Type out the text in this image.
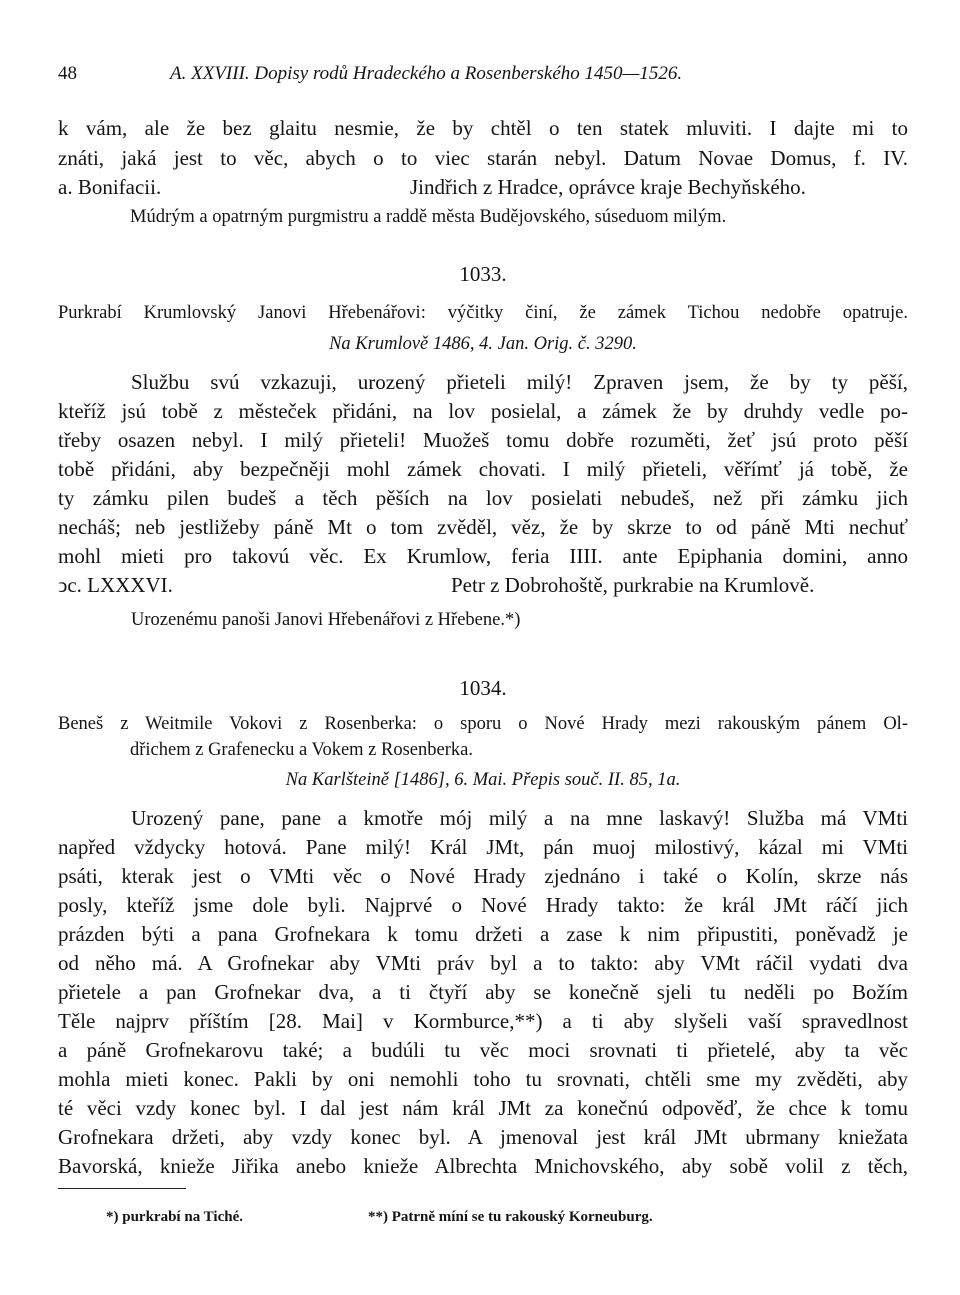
48	A. XXVIII. Dopisy rodů Hradeckého a Rosenberského 1450—1526.
k vám, ale že bez glaitu nesmie, že by chtěl o ten statek mluviti. I dajte mi to
znáti, jaká jest to věc, abych o to viec starán nebyl. Datum Novae Domus, f. IV.
a. Bonifacii.	Jindřich z Hradce, oprávce kraje Bechyňského.
Múdrým a opatrným purgmistru a raddě města Budějovského, súseduom milým.
1033.
Purkrabí Krumlovský Janovi Hřebenářovi: výčitky činí, že zámek Tichou nedobře opatruje.
Na Krumlově 1486, 4. Jan. Orig. č. 3290.
Službu svú vzkazuji, urozený přieteli milý! Zpraven jsem, že by ty pěší,
kteříž jsú tobě z městeček přidáni, na lov posielal, a zámek že by druhdy vedle po-
třeby osazen nebyl. I milý přieteli! Muožeš tomu dobře rozuměti, žeť jsú proto pěší
tobě přidáni, aby bezpečněji mohl zámek chovati. I milý přieteli, věřímť já tobě, že
ty zámku pilen budeš a těch pěších na lov posielati nebudeš, než při zámku jich
necháš; neb jestližeby páně Mt o tom zvěděl, věz, že by skrze to od páně Mti nechuť
mohl mieti pro takovú věc. Ex Krumlow, feria IIII. ante Epiphania domini, anno
ↄc. LXXXVI.	Petr z Dobrohoště, purkrabie na Krumlově.
Urozenému panoši Janovi Hřebenářovi z Hřebene.*)
1034.
Beneš z Weitmile Vokovi z Rosenberka: o sporu o Nové Hrady mezi rakouským pánem Ol-
dřichem z Grafenecku a Vokem z Rosenberka.
Na Karlšteině [1486], 6. Mai. Přepis souč. II. 85, 1a.
Urozený pane, pane a kmotře mój milý a na mne laskavý! Služba má VMti
napřed vždycky hotová. Pane milý! Král JMt, pán muoj milostivý, kázal mi VMti
psáti, kterak jest o VMti věc o Nové Hrady zjednáno i také o Kolín, skrze nás
posly, kteříž jsme dole byli. Najprvé o Nové Hrady takto: že král JMt ráčí jich
prázden býti a pana Grofnekara k tomu držeti a zase k nim připustiti, poněvadž je
od něho má. A Grofnekar aby VMti práv byl a to takto: aby VMt ráčil vydati dva
přietele a pan Grofnekar dva, a ti čtyří aby se konečně sjeli tu neděli po Božím
Těle najprv příštím [28. Mai] v Kormburce,**) a ti aby slyšeli vaší spravedlnost
a páně Grofnekarovu také; a budúli tu věc moci srovnati ti přietelé, aby ta věc
mohla mieti konec. Pakli by oni nemohli toho tu srovnati, chtěli sme my zvěděti, aby
té věci vzdy konec byl. I dal jest nám král JMt za konečnú odpověď, že chce k tomu
Grofnekara držeti, aby vzdy konec byl. A jmenoval jest král JMt ubrmany kniežata
Bavorská, knieže Jiřika anebo knieže Albrechta Mnichovského, aby sobě volil z těch,
*) purkrabí na Tiché.	**) Patrně míní se tu rakouský Korneuburg.
